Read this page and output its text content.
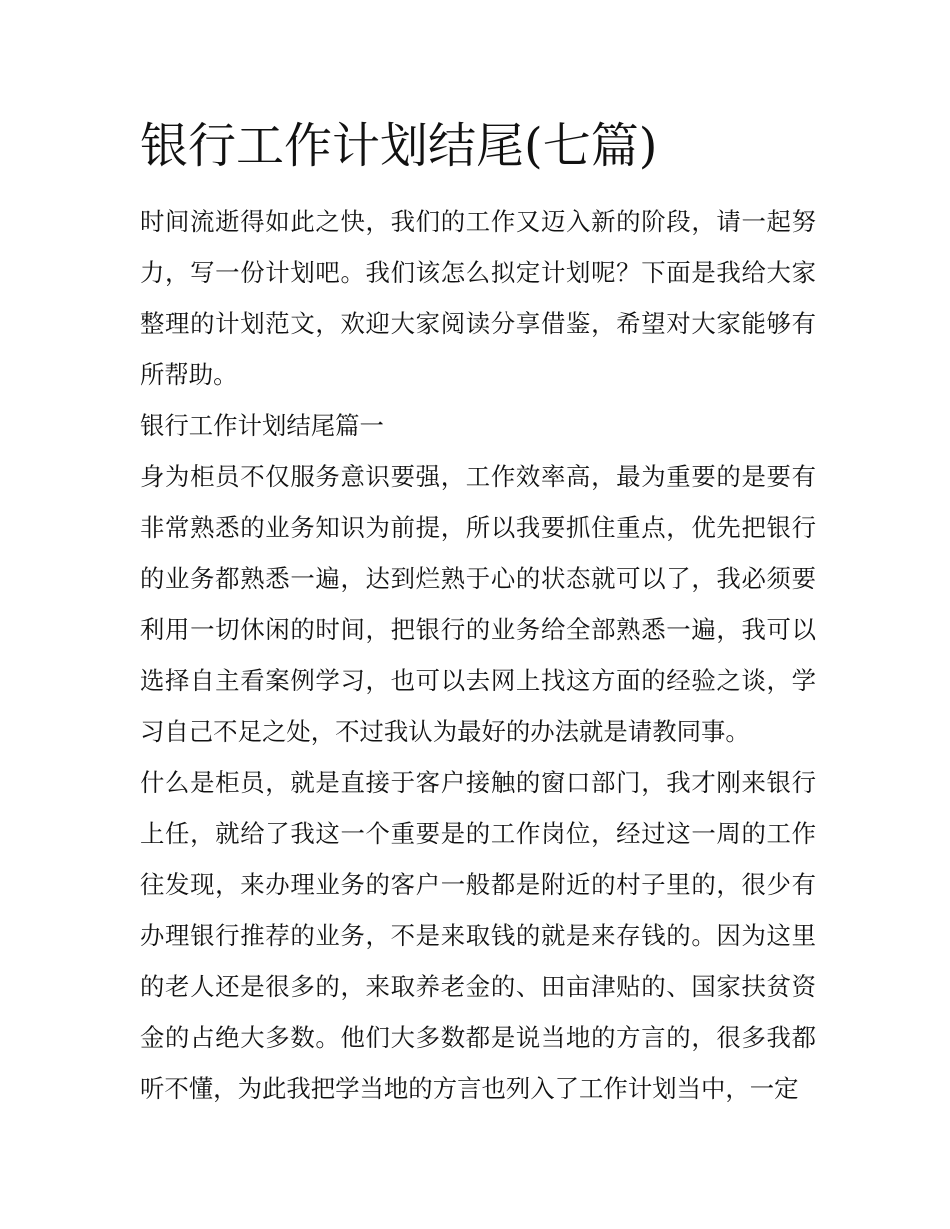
银行工作计划结尾(七篇)

时间流逝得如此之快，我们的工作又迈入新的阶段，请一起努力，写一份计划吧。我们该怎么拟定计划呢？下面是我给大家整理的计划范文，欢迎大家阅读分享借鉴，希望对大家能够有所帮助。

银行工作计划结尾篇一

身为柜员不仅服务意识要强，工作效率高，最为重要的是要有非常熟悉的业务知识为前提，所以我要抓住重点，优先把银行的业务都熟悉一遍，达到烂熟于心的状态就可以了，我必须要利用一切休闲的时间，把银行的业务给全部熟悉一遍，我可以选择自主看案例学习，也可以去网上找这方面的经验之谈，学习自己不足之处，不过我认为最好的办法就是请教同事。

什么是柜员，就是直接于客户接触的窗口部门，我才刚来银行上任，就给了我这一个重要是的工作岗位，经过这一周的工作往发现，来办理业务的客户一般都是附近的村子里的，很少有办理银行推荐的业务，不是来取钱的就是来存钱的。因为这里的老人还是很多的，来取养老金的、田亩津贴的、国家扶贫资金的占绝大多数。他们大多数都是说当地的方言的，很多我都听不懂，为此我把学当地的方言也列入了工作计划当中，一定
